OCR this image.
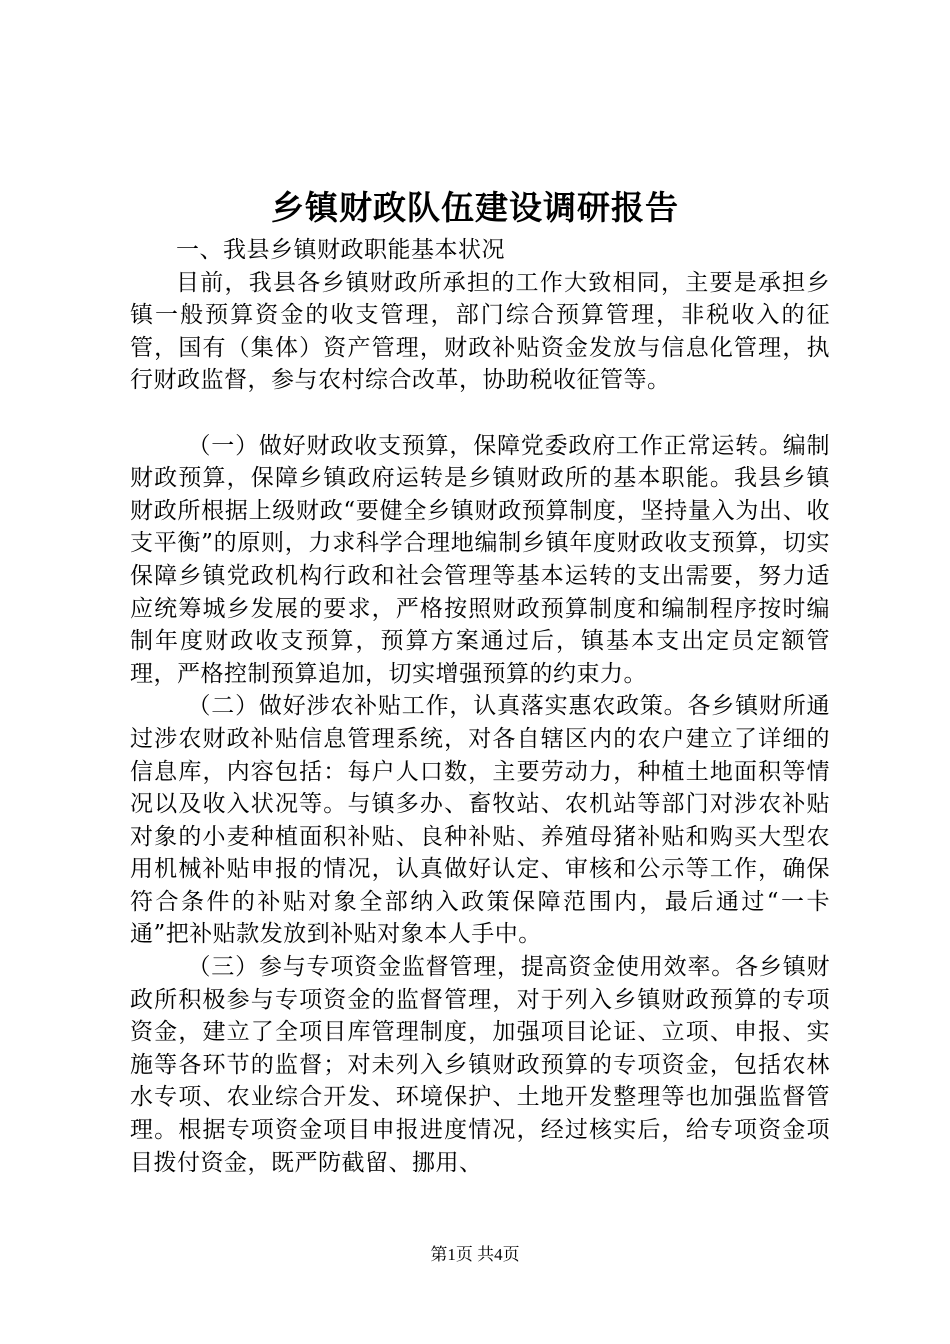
乡镇财政队伍建设调研报告

一、我县乡镇财政职能基本状况

目前，我县各乡镇财政所承担的工作大致相同，主要是承担乡镇一般预算资金的收支管理，部门综合预算管理，非税收入的征管，国有（集体）资产管理，财政补贴资金发放与信息化管理，执行财政监督，参与农村综合改革，协助税收征管等。

（一）做好财政收支预算，保障党委政府工作正常运转。编制财政预算，保障乡镇政府运转是乡镇财政所的基本职能。我县乡镇财政所根据上级财政“要健全乡镇财政预算制度，坚持量入为出、收支平衡”的原则，力求科学合理地编制乡镇年度财政收支预算，切实保障乡镇党政机构行政和社会管理等基本运转的支出需要，努力适应统筹城乡发展的要求，严格按照财政预算制度和编制程序按时编制年度财政收支预算，预算方案通过后，镇基本支出定员定额管理，严格控制预算追加，切实增强预算的约束力。

（二）做好涉农补贴工作，认真落实惠农政策。各乡镇财所通过涉农财政补贴信息管理系统，对各自辖区内的农户建立了详细的信息库，内容包括：每户人口数，主要劳动力，种植土地面积等情况以及收入状况等。与镇多办、畜牧站、农机站等部门对涉农补贴对象的小麦种植面积补贴、良种补贴、养殖母猪补贴和购买大型农用机械补贴申报的情况，认真做好认定、审核和公示等工作，确保符合条件的补贴对象全部纳入政策保障范围内，最后通过“一卡通”把补贴款发放到补贴对象本人手中。

（三）参与专项资金监督管理，提高资金使用效率。各乡镇财政所积极参与专项资金的监督管理，对于列入乡镇财政预算的专项资金，建立了全项目库管理制度，加强项目论证、立项、申报、实施等各环节的监督；对未列入乡镇财政预算的专项资金，包括农林水专项、农业综合开发、环境保护、土地开发整理等也加强监督管理。根据专项资金项目申报进度情况，经过核实后，给专项资金项目拨付资金，既严防截留、挪用、

第1页 共4页
